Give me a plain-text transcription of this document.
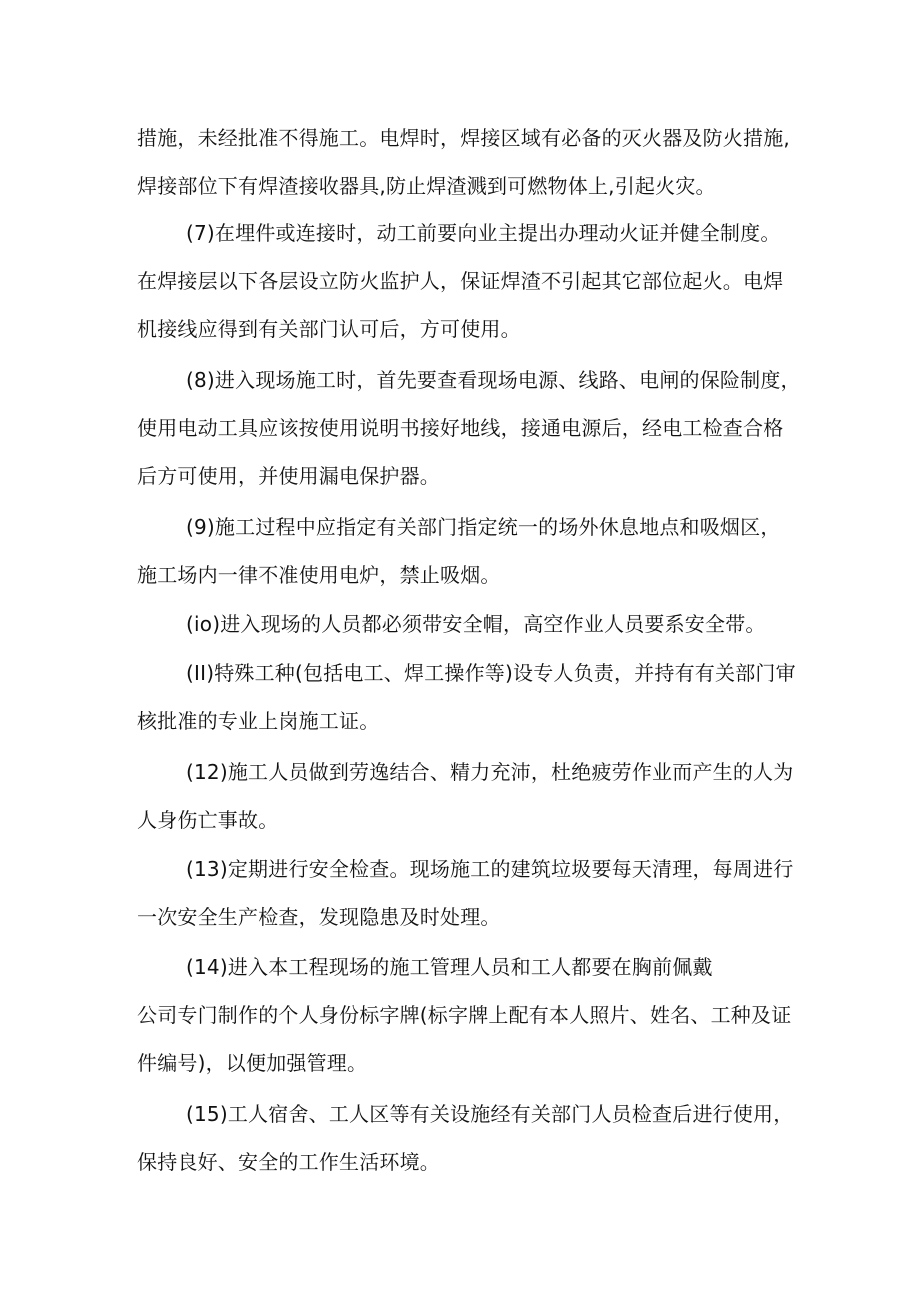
措施，未经批准不得施工。电焊时，焊接区域有必备的灭火器及防火措施,
焊接部位下有焊渣接收器具,防止焊渣溅到可燃物体上,引起火灾。
(7)在埋件或连接时，动工前要向业主提出办理动火证并健全制度。
在焊接层以下各层设立防火监护人，保证焊渣不引起其它部位起火。电焊
机接线应得到有关部门认可后，方可使用。
(8)进入现场施工时，首先要查看现场电源、线路、电闸的保险制度，
使用电动工具应该按使用说明书接好地线，接通电源后，经电工检查合格
后方可使用，并使用漏电保护器。
(9)施工过程中应指定有关部门指定统一的场外休息地点和吸烟区，
施工场内一律不准使用电炉，禁止吸烟。
(io)进入现场的人员都必须带安全帽，高空作业人员要系安全带。
(II)特殊工种(包括电工、焊工操作等)设专人负责，并持有有关部门审
核批准的专业上岗施工证。
(12)施工人员做到劳逸结合、精力充沛，杜绝疲劳作业而产生的人为
人身伤亡事故。
(13)定期进行安全检查。现场施工的建筑垃圾要每天清理，每周进行
一次安全生产检查，发现隐患及时处理。
(14)进入本工程现场的施工管理人员和工人都要在胸前佩戴
公司专门制作的个人身份标字牌(标字牌上配有本人照片、姓名、工种及证
件编号)，以便加强管理。
(15)工人宿舍、工人区等有关设施经有关部门人员检查后进行使用，
保持良好、安全的工作生活环境。
